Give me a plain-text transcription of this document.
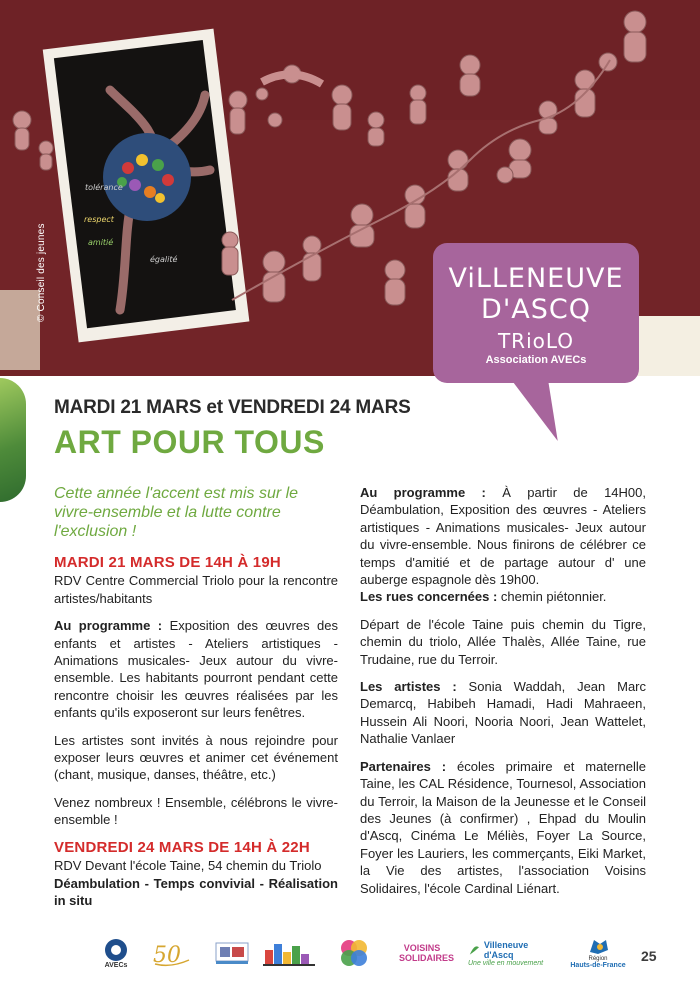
tolérance
respect
amitié
égalité
© Conseil des jeunes	ViLLENEUVE
D'ASCQ
TRioLO
Association AVECs
MARDI 21 MARS et VENDREDI 24 MARS
ART POUR TOUS

Cette année l'accent est mis sur le vivre-ensemble et la lutte contre l'exclusion !

MARDI 21 MARS DE 14H À 19H

RDV Centre Commercial Triolo pour la rencontre artistes/habitants

Au programme : Exposition des œuvres des enfants et artistes - Ateliers artistiques - Animations musicales- Jeux autour du vivre-ensemble. Les habitants pourront pendant cette rencontre choisir les œuvres réalisées par les enfants qu'ils exposeront sur leurs fenêtres.

Les artistes sont invités à nous rejoindre pour exposer leurs œuvres et animer cet événement (chant, musique, danses, théâtre, etc.)

Venez nombreux ! Ensemble, célébrons le vivre-ensemble !

VENDREDI 24 MARS DE 14H À 22H

RDV Devant l'école Taine, 54 chemin du Triolo

Déambulation - Temps convivial - Réalisation in situ

Au programme : À partir de 14H00, Déambulation, Exposition des œuvres - Ateliers artistiques - Animations musicales- Jeux autour du vivre-ensemble. Nous finirons de célébrer ce temps d'amitié et de partage autour d' une auberge espagnole dès 19h00.

Les rues concernées : chemin piétonnier.

Départ de l'école Taine puis chemin du Tigre, chemin du triolo, Allée Thalès, Allée Taine, rue Trudaine, rue du Terroir.

Les artistes : Sonia Waddah, Jean Marc Demarcq, Habibeh Hamadi, Hadi Mahraeen, Hussein Ali Noori, Nooria Noori, Jean Wattelet, Nathalie Vanlaer

Partenaires : écoles primaire et maternelle Taine, les CAL Résidence, Tournesol, Association du Terroir, la Maison de la Jeunesse et le Conseil des Jeunes (à confirmer) , Ehpad du Moulin d'Ascq, Cinéma Le Méliès, Foyer La Source, Foyer les Lauriers, les commerçants, Eiki Market, la Vie des artistes, l'association Voisins Solidaires, l'école Cardinal Liénart.

AVECs 50	VOISINS SOLIDAIRES
Villeneuve d'Ascq
Une ville en mouvement
Région
Hauts-de-France
25
